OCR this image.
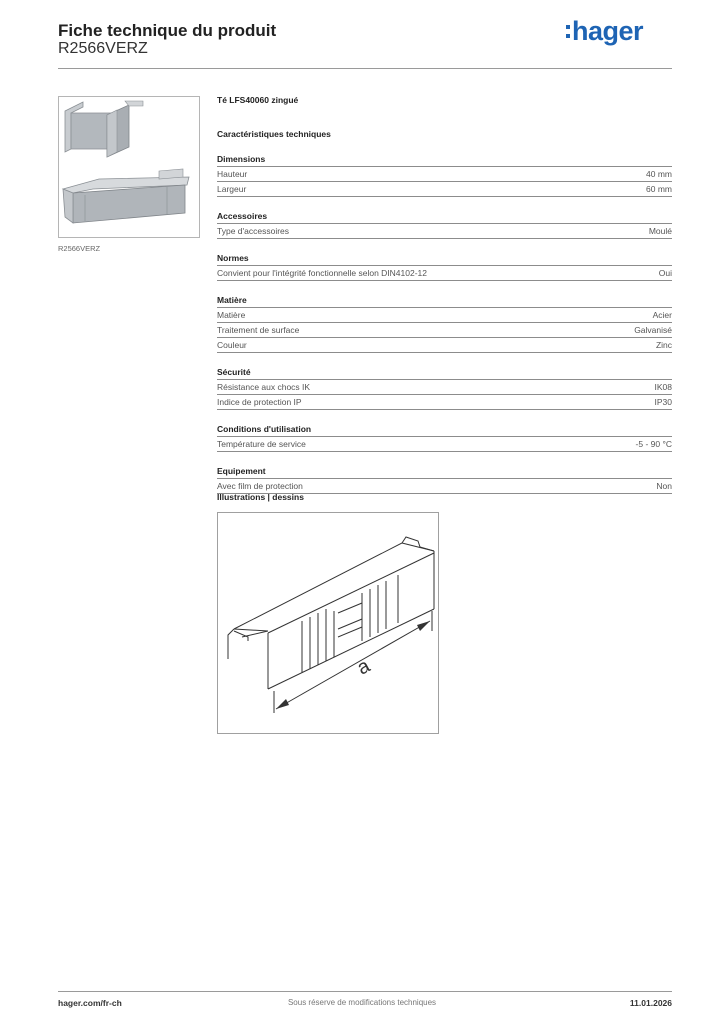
Fiche technique du produit
R2566VERZ
hager
R2566VERZ
Té LFS40060 zingué
Caractéristiques techniques
Dimensions
Hauteur	40 mm
Largeur	60 mm
Accessoires
Type d'accessoires	Moulé
Normes
Convient pour l'intégrité fonctionnelle selon DIN4102-12	Oui
Matière
Matière	Acier
Traitement de surface	Galvanisé
Couleur	Zinc
Sécurité
Résistance aux chocs IK	IK08
Indice de protection IP	IP30
Conditions d'utilisation
Température de service	-5 - 90 °C
Equipement
Avec film de protection	Non
Illustrations | dessins
a
Sous réserve de modifications techniques
hager.com/fr-ch	11.01.2026
